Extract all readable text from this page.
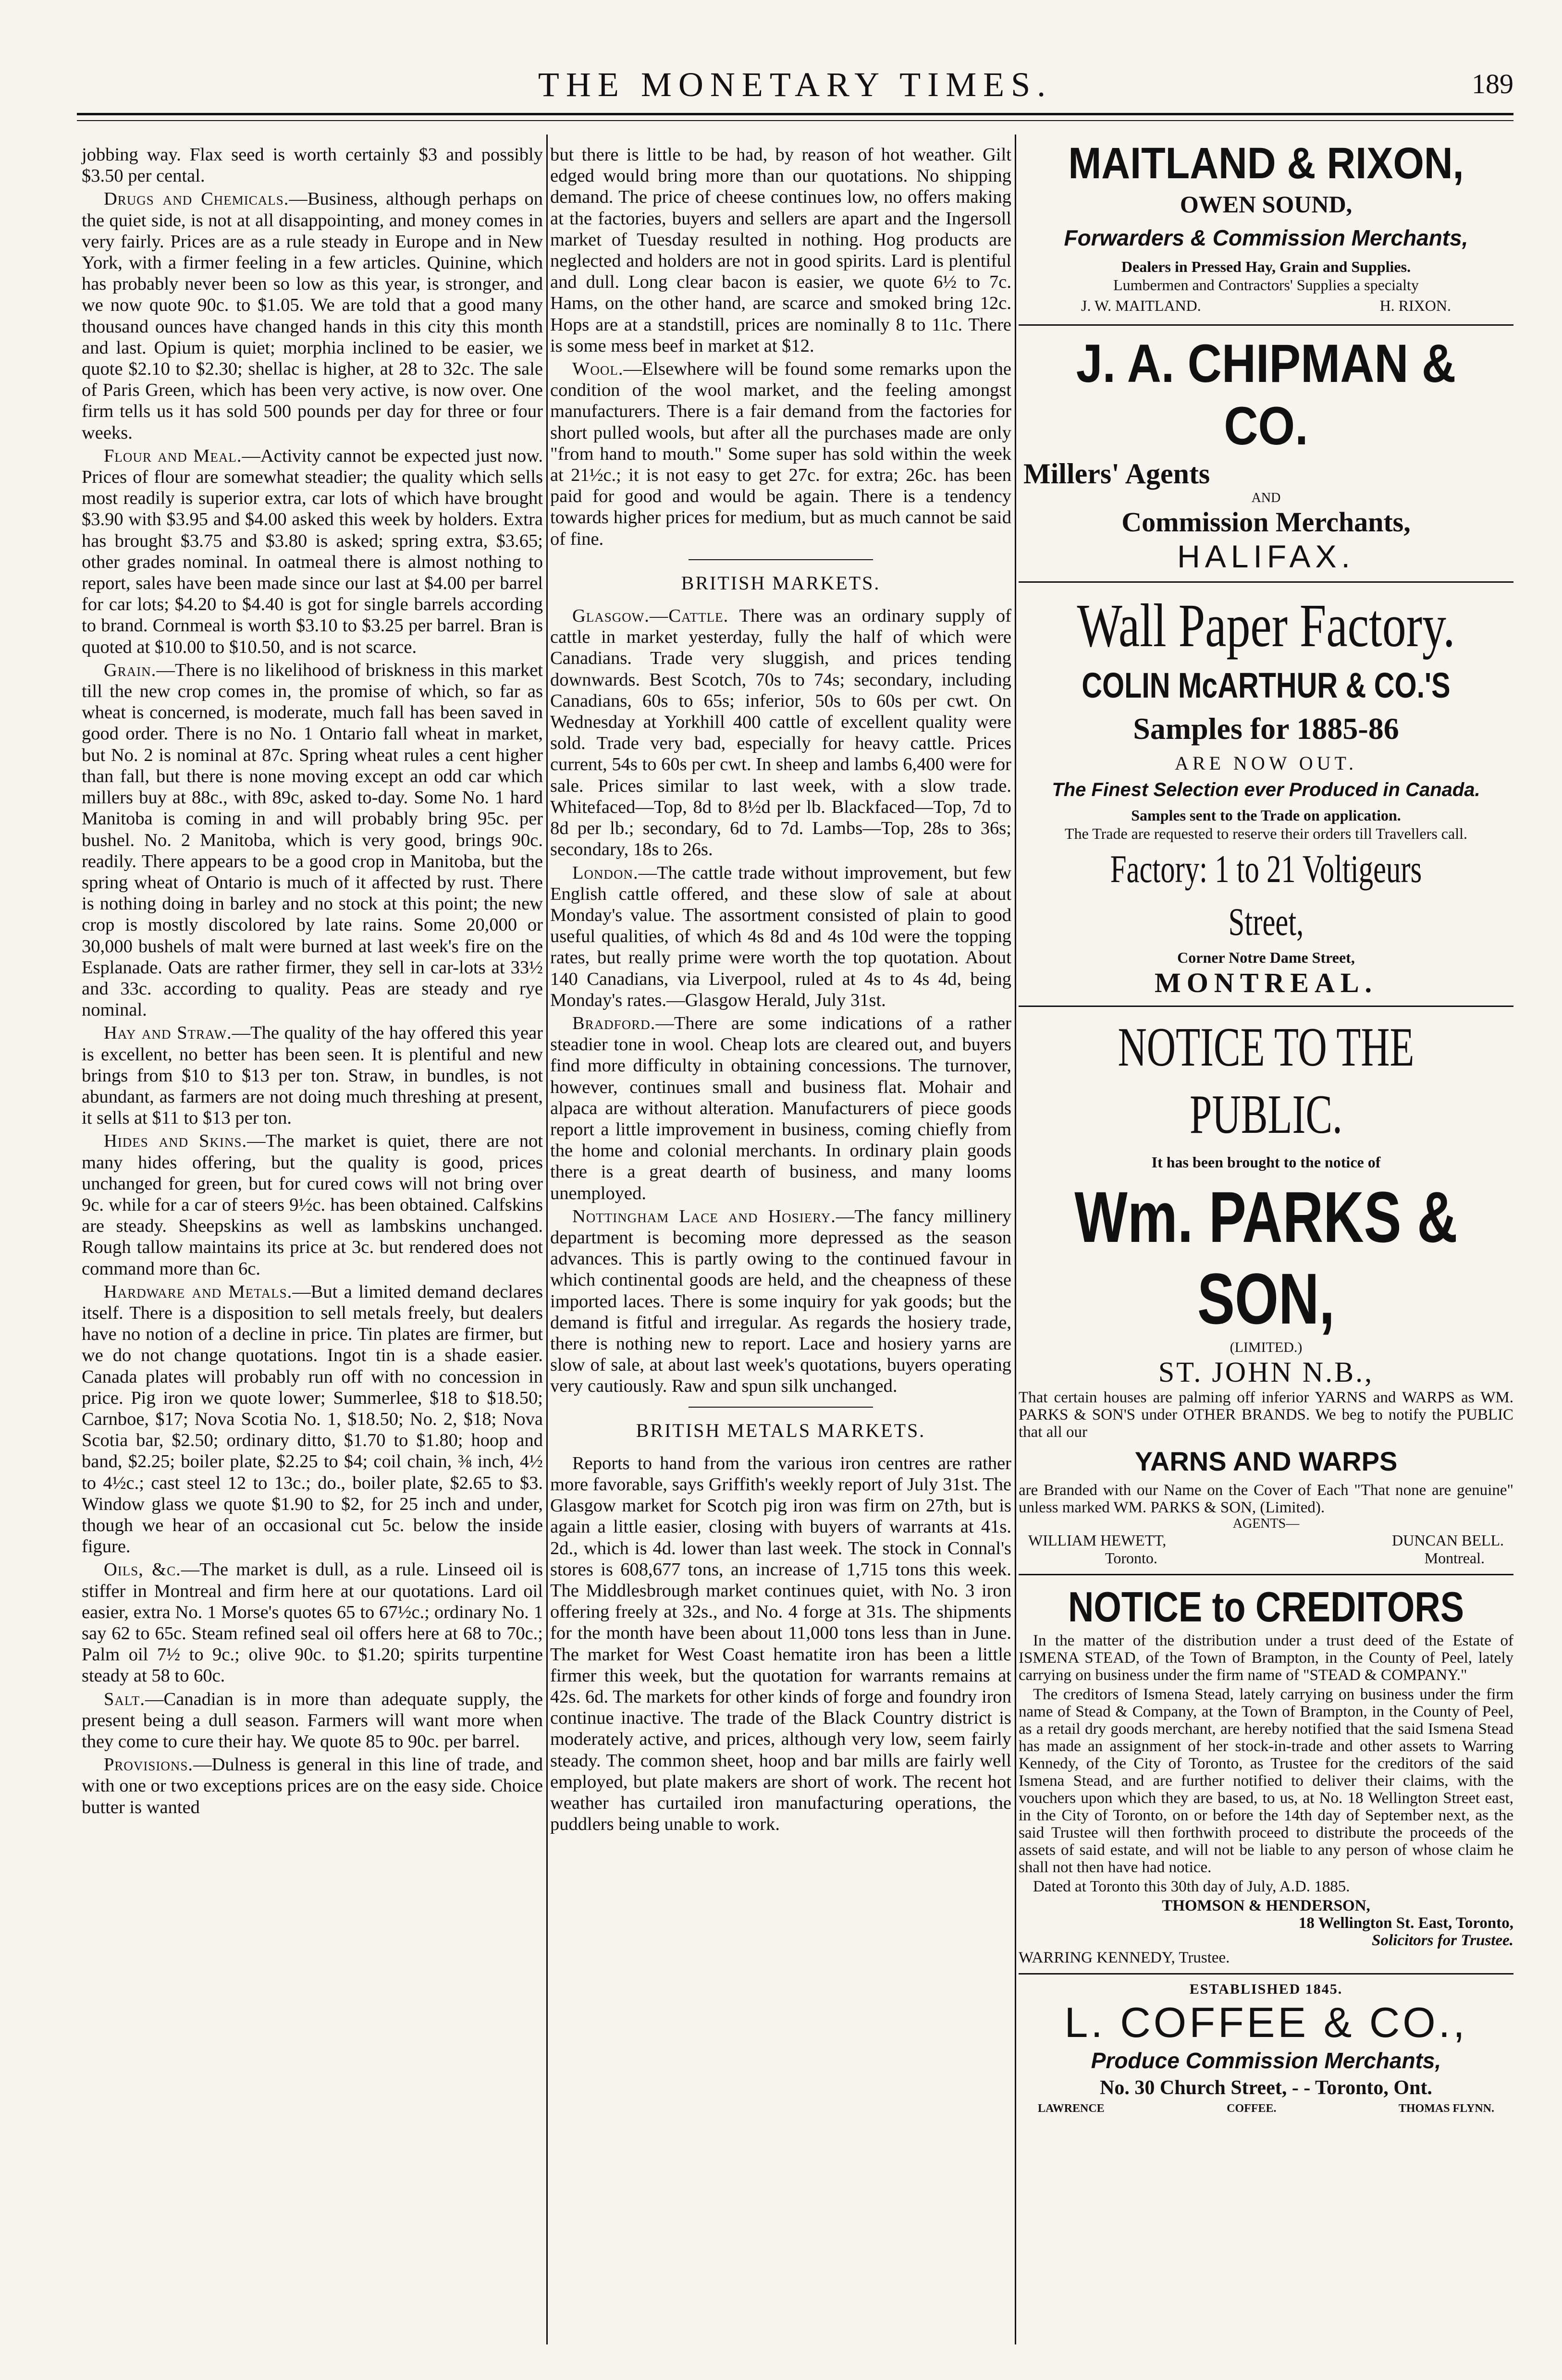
THE MONETARY TIMES.	189

jobbing way. Flax seed is worth certainly $3 and possibly $3.50 per cental.

Drugs and Chemicals.—Business, although perhaps on the quiet side, is not at all disappointing, and money comes in very fairly. Prices are as a rule steady in Europe and in New York, with a firmer feeling in a few articles. Quinine, which has probably never been so low as this year, is stronger, and we now quote 90c. to $1.05. We are told that a good many thousand ounces have changed hands in this city this month and last. Opium is quiet; morphia inclined to be easier, we quote $2.10 to $2.30; shellac is higher, at 28 to 32c. The sale of Paris Green, which has been very active, is now over. One firm tells us it has sold 500 pounds per day for three or four weeks.

Flour and Meal.—Activity cannot be expected just now. Prices of flour are somewhat steadier; the quality which sells most readily is superior extra, car lots of which have brought $3.90 with $3.95 and $4.00 asked this week by holders. Extra has brought $3.75 and $3.80 is asked; spring extra, $3.65; other grades nominal. In oatmeal there is almost nothing to report, sales have been made since our last at $4.00 per barrel for car lots; $4.20 to $4.40 is got for single barrels according to brand. Cornmeal is worth $3.10 to $3.25 per barrel. Bran is quoted at $10.00 to $10.50, and is not scarce.

Grain.—There is no likelihood of briskness in this market till the new crop comes in, the promise of which, so far as wheat is concerned, is moderate, much fall has been saved in good order. There is no No. 1 Ontario fall wheat in market, but No. 2 is nominal at 87c. Spring wheat rules a cent higher than fall, but there is none moving except an odd car which millers buy at 88c., with 89c, asked to-day. Some No. 1 hard Manitoba is coming in and will probably bring 95c. per bushel. No. 2 Manitoba, which is very good, brings 90c. readily. There appears to be a good crop in Manitoba, but the spring wheat of Ontario is much of it affected by rust. There is nothing doing in barley and no stock at this point; the new crop is mostly discolored by late rains. Some 20,000 or 30,000 bushels of malt were burned at last week's fire on the Esplanade. Oats are rather firmer, they sell in car-lots at 33½ and 33c. according to quality. Peas are steady and rye nominal.

Hay and Straw.—The quality of the hay offered this year is excellent, no better has been seen. It is plentiful and new brings from $10 to $13 per ton. Straw, in bundles, is not abundant, as farmers are not doing much threshing at present, it sells at $11 to $13 per ton.

Hides and Skins.—The market is quiet, there are not many hides offering, but the quality is good, prices unchanged for green, but for cured cows will not bring over 9c. while for a car of steers 9½c. has been obtained. Calfskins are steady. Sheepskins as well as lambskins unchanged. Rough tallow maintains its price at 3c. but rendered does not command more than 6c.

Hardware and Metals.—But a limited demand declares itself. There is a disposition to sell metals freely, but dealers have no notion of a decline in price. Tin plates are firmer, but we do not change quotations. Ingot tin is a shade easier. Canada plates will probably run off with no concession in price. Pig iron we quote lower; Summerlee, $18 to $18.50; Carnboe, $17; Nova Scotia No. 1, $18.50; No. 2, $18; Nova Scotia bar, $2.50; ordinary ditto, $1.70 to $1.80; hoop and band, $2.25; boiler plate, $2.25 to $4; coil chain, ⅜ inch, 4½ to 4½c.; cast steel 12 to 13c.; do., boiler plate, $2.65 to $3. Window glass we quote $1.90 to $2, for 25 inch and under, though we hear of an occasional cut 5c. below the inside figure.

Oils, &c.—The market is dull, as a rule. Linseed oil is stiffer in Montreal and firm here at our quotations. Lard oil easier, extra No. 1 Morse's quotes 65 to 67½c.; ordinary No. 1 say 62 to 65c. Steam refined seal oil offers here at 68 to 70c.; Palm oil 7½ to 9c.; olive 90c. to $1.20; spirits turpentine steady at 58 to 60c.

Salt.—Canadian is in more than adequate supply, the present being a dull season. Farmers will want more when they come to cure their hay. We quote 85 to 90c. per barrel.

Provisions.—Dulness is general in this line of trade, and with one or two exceptions prices are on the easy side. Choice butter is wanted

but there is little to be had, by reason of hot weather. Gilt edged would bring more than our quotations. No shipping demand. The price of cheese continues low, no offers making at the factories, buyers and sellers are apart and the Ingersoll market of Tuesday resulted in nothing. Hog products are neglected and holders are not in good spirits. Lard is plentiful and dull. Long clear bacon is easier, we quote 6½ to 7c. Hams, on the other hand, are scarce and smoked bring 12c. Hops are at a standstill, prices are nominally 8 to 11c. There is some mess beef in market at $12.

Wool.—Elsewhere will be found some remarks upon the condition of the wool market, and the feeling amongst manufacturers. There is a fair demand from the factories for short pulled wools, but after all the purchases made are only "from hand to mouth." Some super has sold within the week at 21½c.; it is not easy to get 27c. for extra; 26c. has been paid for good and would be again. There is a tendency towards higher prices for medium, but as much cannot be said of fine.

BRITISH MARKETS.

Glasgow.—Cattle. There was an ordinary supply of cattle in market yesterday, fully the half of which were Canadians. Trade very sluggish, and prices tending downwards. Best Scotch, 70s to 74s; secondary, including Canadians, 60s to 65s; inferior, 50s to 60s per cwt. On Wednesday at Yorkhill 400 cattle of excellent quality were sold. Trade very bad, especially for heavy cattle. Prices current, 54s to 60s per cwt. In sheep and lambs 6,400 were for sale. Prices similar to last week, with a slow trade. Whitefaced—Top, 8d to 8½d per lb. Blackfaced—Top, 7d to 8d per lb.; secondary, 6d to 7d. Lambs—Top, 28s to 36s; secondary, 18s to 26s.

London.—The cattle trade without improvement, but few English cattle offered, and these slow of sale at about Monday's value. The assortment consisted of plain to good useful qualities, of which 4s 8d and 4s 10d were the topping rates, but really prime were worth the top quotation. About 140 Canadians, via Liverpool, ruled at 4s to 4s 4d, being Monday's rates.—Glasgow Herald, July 31st.

Bradford.—There are some indications of a rather steadier tone in wool. Cheap lots are cleared out, and buyers find more difficulty in obtaining concessions. The turnover, however, continues small and business flat. Mohair and alpaca are without alteration. Manufacturers of piece goods report a little improvement in business, coming chiefly from the home and colonial merchants. In ordinary plain goods there is a great dearth of business, and many looms unemployed.

Nottingham Lace and Hosiery.—The fancy millinery department is becoming more depressed as the season advances. This is partly owing to the continued favour in which continental goods are held, and the cheapness of these imported laces. There is some inquiry for yak goods; but the demand is fitful and irregular. As regards the hosiery trade, there is nothing new to report. Lace and hosiery yarns are slow of sale, at about last week's quotations, buyers operating very cautiously. Raw and spun silk unchanged.

BRITISH METALS MARKETS.

Reports to hand from the various iron centres are rather more favorable, says Griffith's weekly report of July 31st. The Glasgow market for Scotch pig iron was firm on 27th, but is again a little easier, closing with buyers of warrants at 41s. 2d., which is 4d. lower than last week. The stock in Connal's stores is 608,677 tons, an increase of 1,715 tons this week. The Middlesbrough market continues quiet, with No. 3 iron offering freely at 32s., and No. 4 forge at 31s. The shipments for the month have been about 11,000 tons less than in June. The market for West Coast hematite iron has been a little firmer this week, but the quotation for warrants remains at 42s. 6d. The markets for other kinds of forge and foundry iron continue inactive. The trade of the Black Country district is moderately active, and prices, although very low, seem fairly steady. The common sheet, hoop and bar mills are fairly well employed, but plate makers are short of work. The recent hot weather has curtailed iron manufacturing operations, the puddlers being unable to work.

MAITLAND & RIXON,
OWEN SOUND,
Forwarders & Commission Merchants,
Dealers in Pressed Hay, Grain and Supplies.
Lumbermen and Contractors' Supplies a specialty
J. W. MAITLAND.	H. RIXON.
J. A. CHIPMAN & CO.
Millers' Agents
AND
Commission Merchants,
HALIFAX.
Wall Paper Factory.
COLIN McARTHUR & CO.'S
Samples for 1885-86
ARE NOW OUT.
The Finest Selection ever Produced in Canada.
Samples sent to the Trade on application.
The Trade are requested to reserve their orders till Travellers call.
Factory: 1 to 21 Voltigeurs Street,
Corner Notre Dame Street,
MONTREAL.
NOTICE TO THE PUBLIC.
It has been brought to the notice of
Wm. PARKS & SON,
(LIMITED.)
ST. JOHN N.B.,
That certain houses are palming off inferior YARNS and WARPS as WM. PARKS & SON'S under OTHER BRANDS. We beg to notify the PUBLIC that all our
YARNS AND WARPS
are Branded with our Name on the Cover of Each "That none are genuine" unless marked WM. PARKS & SON, (Limited).
AGENTS—
WILLIAM HEWETT,	DUNCAN BELL.
Toronto.	Montreal.
NOTICE to CREDITORS

In the matter of the distribution under a trust deed of the Estate of ISMENA STEAD, of the Town of Brampton, in the County of Peel, lately carrying on business under the firm name of "STEAD & COMPANY."

The creditors of Ismena Stead, lately carrying on business under the firm name of Stead & Company, at the Town of Brampton, in the County of Peel, as a retail dry goods merchant, are hereby notified that the said Ismena Stead has made an assignment of her stock-in-trade and other assets to Warring Kennedy, of the City of Toronto, as Trustee for the creditors of the said Ismena Stead, and are further notified to deliver their claims, with the vouchers upon which they are based, to us, at No. 18 Wellington Street east, in the City of Toronto, on or before the 14th day of September next, as the said Trustee will then forthwith proceed to distribute the proceeds of the assets of said estate, and will not be liable to any person of whose claim he shall not then have had notice.

Dated at Toronto this 30th day of July, A.D. 1885.

THOMSON & HENDERSON,
18 Wellington St. East, Toronto,
Solicitors for Trustee.
WARRING KENNEDY, Trustee.
ESTABLISHED 1845.
L. COFFEE & CO.,
Produce Commission Merchants,
No. 30 Church Street, - - Toronto, Ont.
LAWRENCE	COFFEE.	THOMAS FLYNN.
